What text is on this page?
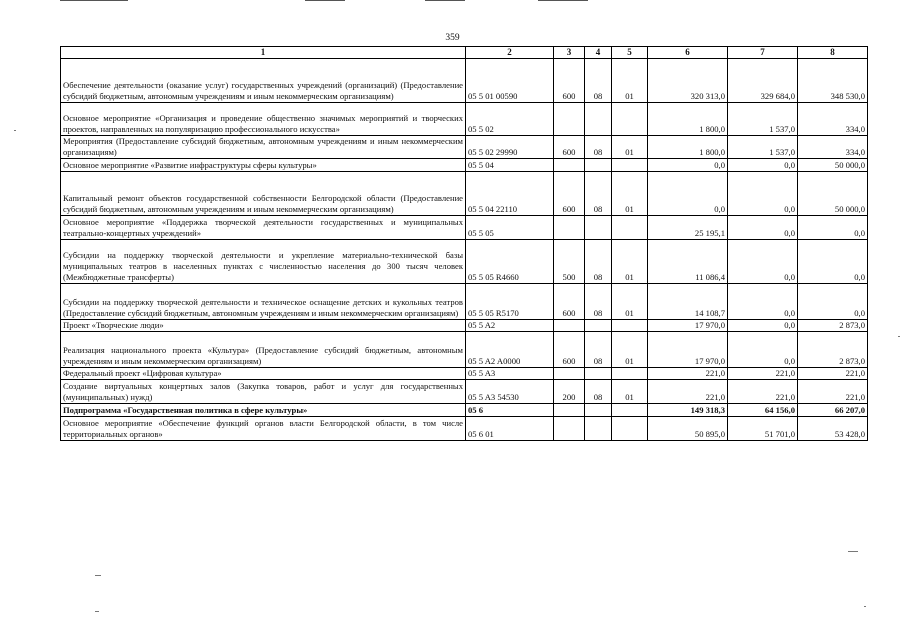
359
1	2	3	4	5	6	7	8
Обеспечение деятельности (оказание услуг) государственных учреждений (организаций) (Предоставление субсидий бюджетным, автономным учреждениям и иным некоммерческим организациям)	05 5 01 00590	600	08	01	320 313,0	329 684,0	348 530,0
Основное мероприятие «Организация и проведение общественно значимых мероприятий и творческих проектов, направленных на популяризацию профессионального искусства»	05 5 02				1 800,0	1 537,0	334,0
Мероприятия (Предоставление субсидий бюджетным, автономным учреждениям и иным некоммерческим организациям)	05 5 02 29990	600	08	01	1 800,0	1 537,0	334,0
Основное мероприятие «Развитие инфраструктуры сферы культуры»	05 5 04				0,0	0,0	50 000,0
Капитальный ремонт объектов государственной собственности Белгородской области (Предоставление субсидий бюджетным, автономным учреждениям и иным некоммерческим организациям)	05 5 04 22110	600	08	01	0,0	0,0	50 000,0
Основное мероприятие «Поддержка творческой деятельности государственных и муниципальных театрально-концертных учреждений»	05 5 05				25 195,1	0,0	0,0
Субсидии на поддержку творческой деятельности и укрепление материально-технической базы муниципальных театров в населенных пунктах с численностью населения до 300 тысяч человек (Межбюджетные трансферты)	05 5 05 R4660	500	08	01	11 086,4	0,0	0,0
Субсидии на поддержку творческой деятельности и техническое оснащение детских и кукольных театров (Предоставление субсидий бюджетным, автономным учреждениям и иным некоммерческим организациям)	05 5 05 R5170	600	08	01	14 108,7	0,0	0,0
Проект «Творческие люди»	05 5 A2				17 970,0	0,0	2 873,0
Реализация национального проекта «Культура» (Предоставление субсидий бюджетным, автономным учреждениям и иным некоммерческим организациям)	05 5 A2 A0000	600	08	01	17 970,0	0,0	2 873,0
Федеральный проект «Цифровая культура»	05 5 A3				221,0	221,0	221,0
Создание виртуальных концертных залов (Закупка товаров, работ и услуг для государственных (муниципальных) нужд)	05 5 A3 54530	200	08	01	221,0	221,0	221,0
Подпрограмма «Государственная политика в сфере культуры»	05 6				149 318,3	64 156,0	66 207,0
Основное мероприятие «Обеспечение функций органов власти Белгородской области, в том числе территориальных органов»	05 6 01				50 895,0	51 701,0	53 428,0
